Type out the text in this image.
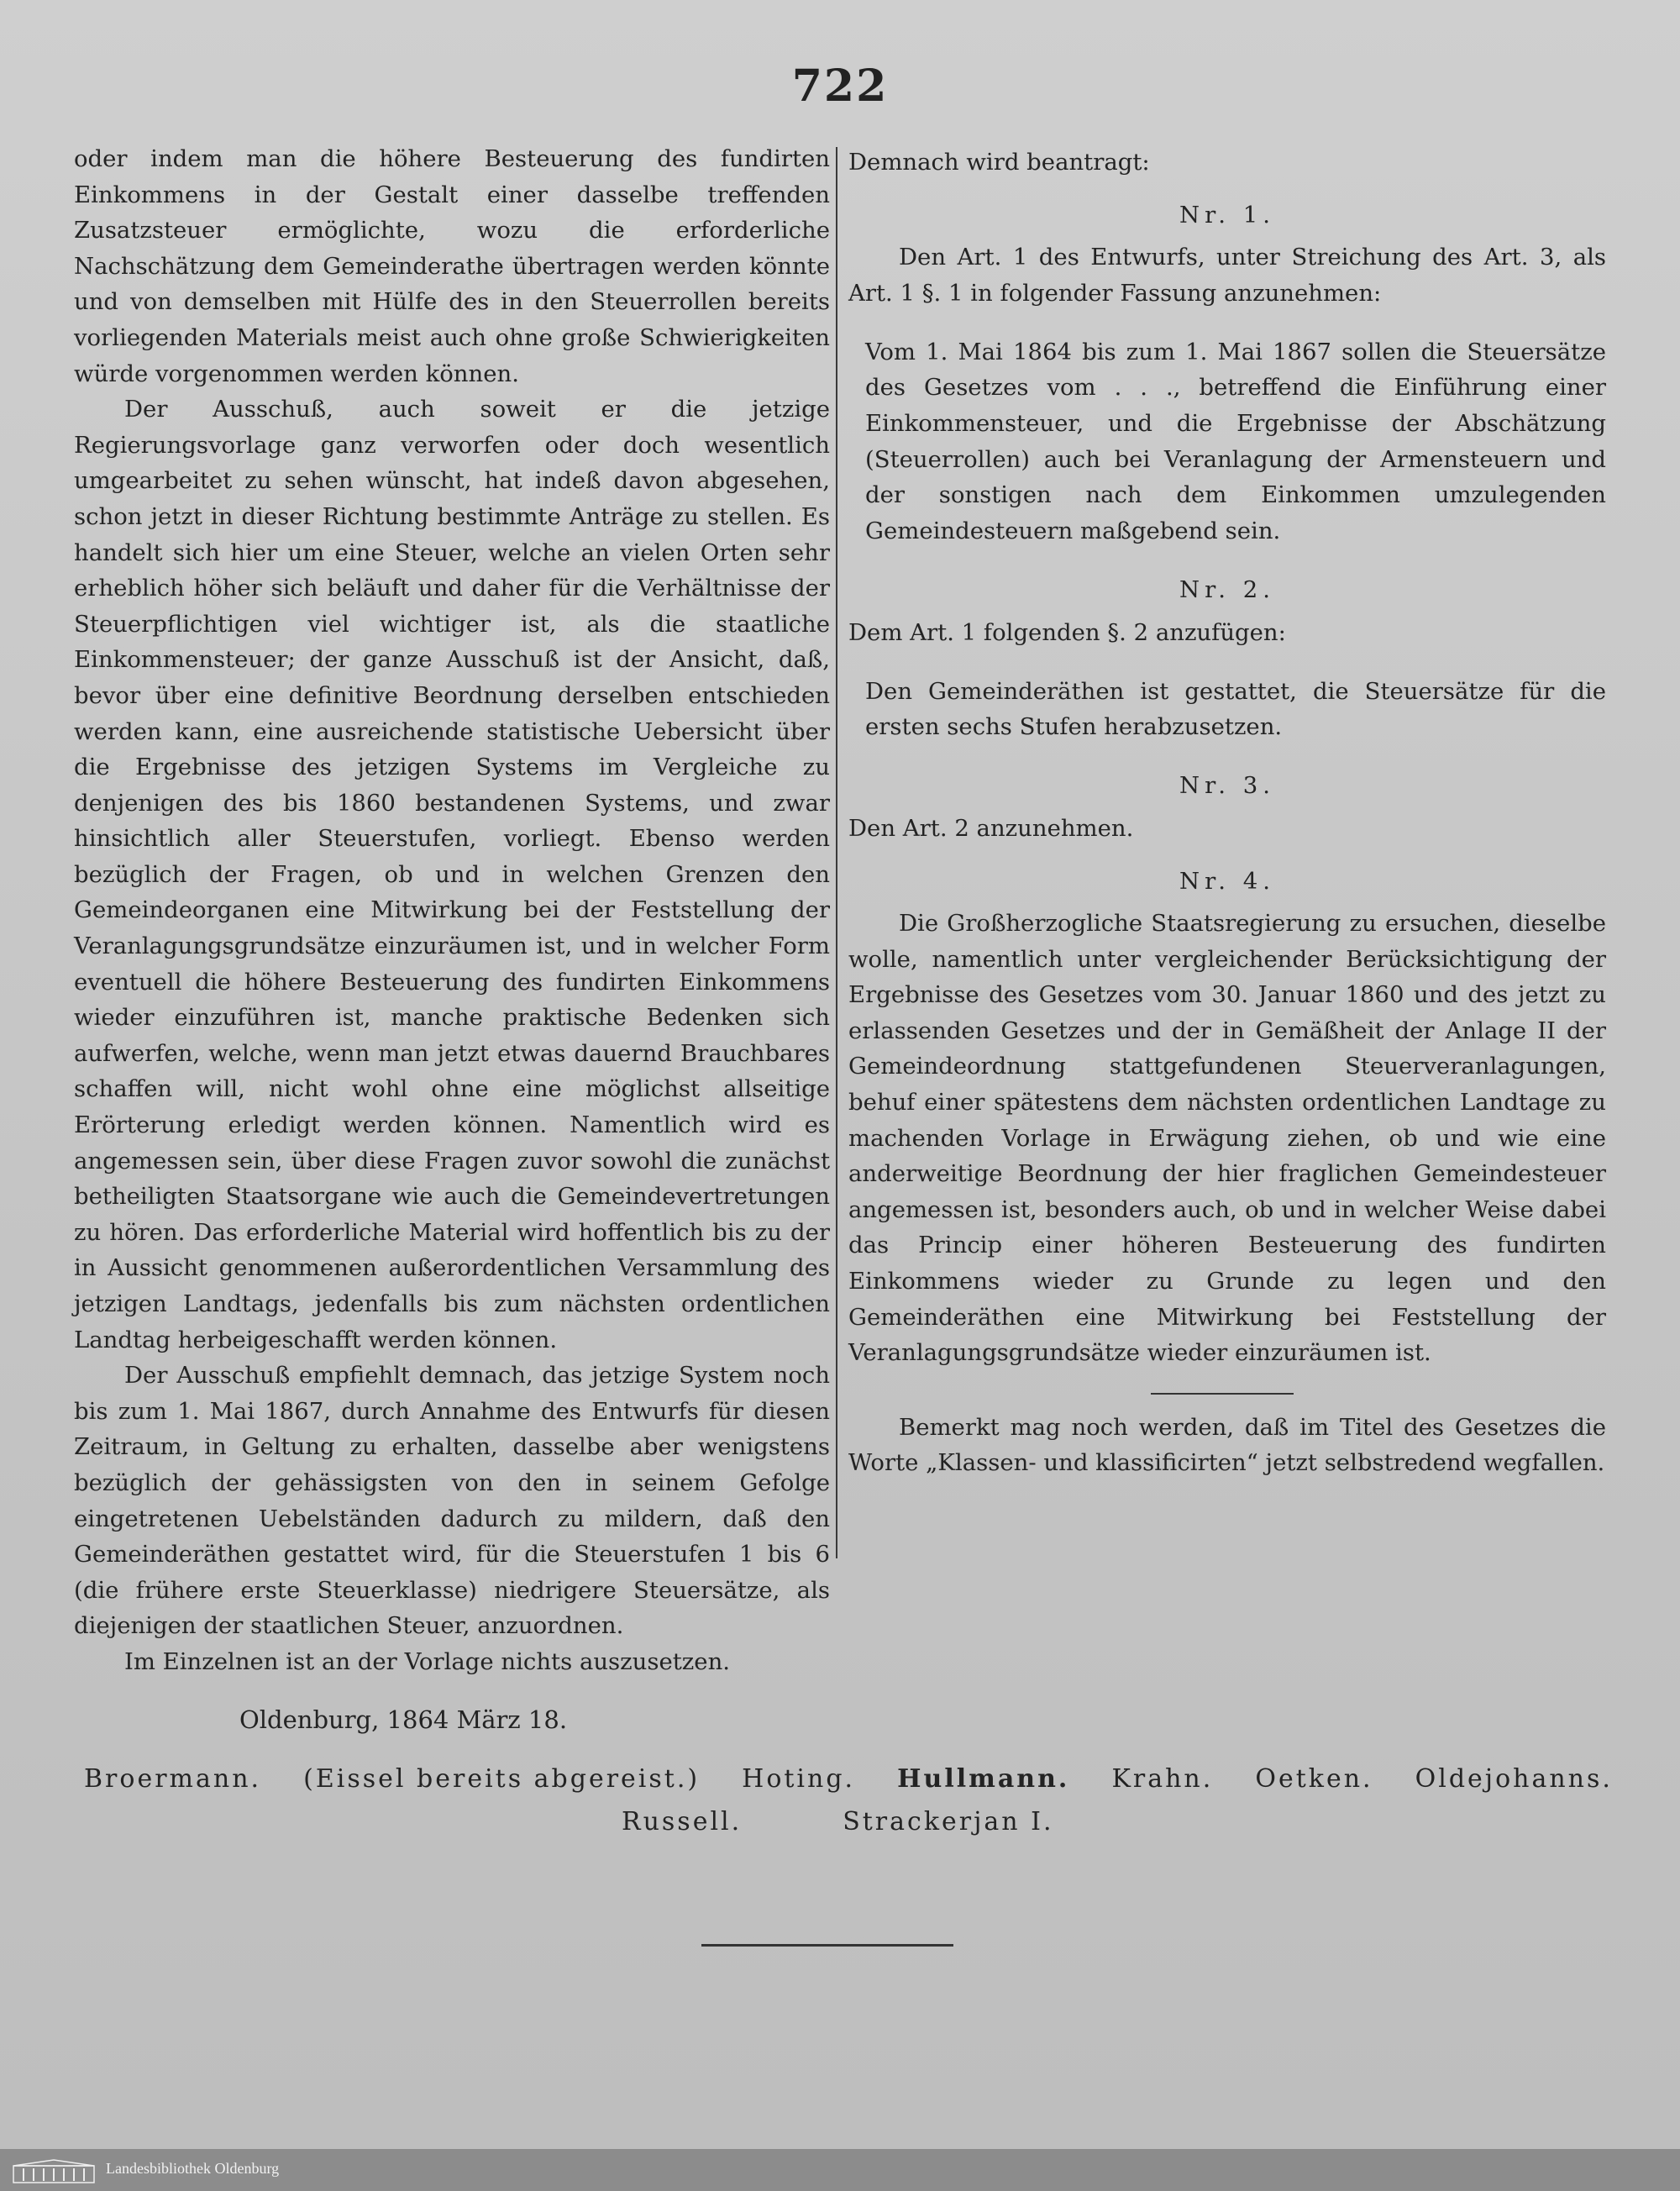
722

oder indem man die höhere Besteuerung des fundirten Einkommens in der Gestalt einer dasselbe treffenden Zusatzsteuer ermöglichte, wozu die erforderliche Nachschätzung dem Gemeinderathe übertragen werden könnte und von demselben mit Hülfe des in den Steuerrollen bereits vorliegenden Materials meist auch ohne große Schwierigkeiten würde vorgenommen werden können.

Der Ausschuß, auch soweit er die jetzige Regierungsvorlage ganz verworfen oder doch wesentlich umgearbeitet zu sehen wünscht, hat indeß davon abgesehen, schon jetzt in dieser Richtung bestimmte Anträge zu stellen. Es handelt sich hier um eine Steuer, welche an vielen Orten sehr erheblich höher sich beläuft und daher für die Verhältnisse der Steuerpflichtigen viel wichtiger ist, als die staatliche Einkommensteuer; der ganze Ausschuß ist der Ansicht, daß, bevor über eine definitive Beordnung derselben entschieden werden kann, eine ausreichende statistische Uebersicht über die Ergebnisse des jetzigen Systems im Vergleiche zu denjenigen des bis 1860 bestandenen Systems, und zwar hinsichtlich aller Steuerstufen, vorliegt. Ebenso werden bezüglich der Fragen, ob und in welchen Grenzen den Gemeindeorganen eine Mitwirkung bei der Feststellung der Veranlagungsgrundsätze einzuräumen ist, und in welcher Form eventuell die höhere Besteuerung des fundirten Einkommens wieder einzuführen ist, manche praktische Bedenken sich aufwerfen, welche, wenn man jetzt etwas dauernd Brauchbares schaffen will, nicht wohl ohne eine möglichst allseitige Erörterung erledigt werden können. Namentlich wird es angemessen sein, über diese Fragen zuvor sowohl die zunächst betheiligten Staatsorgane wie auch die Gemeindevertretungen zu hören. Das erforderliche Material wird hoffentlich bis zu der in Aussicht genommenen außerordentlichen Versammlung des jetzigen Landtags, jedenfalls bis zum nächsten ordentlichen Landtag herbeigeschafft werden können.

Der Ausschuß empfiehlt demnach, das jetzige System noch bis zum 1. Mai 1867, durch Annahme des Entwurfs für diesen Zeitraum, in Geltung zu erhalten, dasselbe aber wenigstens bezüglich der gehässigsten von den in seinem Gefolge eingetretenen Uebelständen dadurch zu mildern, daß den Gemeinderäthen gestattet wird, für die Steuerstufen 1 bis 6 (die frühere erste Steuerklasse) niedrigere Steuersätze, als diejenigen der staatlichen Steuer, anzuordnen.

Im Einzelnen ist an der Vorlage nichts auszusetzen.

Demnach wird beantragt:

Nr. 1.

Den Art. 1 des Entwurfs, unter Streichung des Art. 3, als Art. 1 §. 1 in folgender Fassung anzunehmen:

Vom 1. Mai 1864 bis zum 1. Mai 1867 sollen die Steuersätze des Gesetzes vom . . ., betreffend die Einführung einer Einkommensteuer, und die Ergebnisse der Abschätzung (Steuerrollen) auch bei Veranlagung der Armensteuern und der sonstigen nach dem Einkommen umzulegenden Gemeindesteuern maßgebend sein.

Nr. 2.

Dem Art. 1 folgenden §. 2 anzufügen:

Den Gemeinderäthen ist gestattet, die Steuersätze für die ersten sechs Stufen herabzusetzen.

Nr. 3.

Den Art. 2 anzunehmen.

Nr. 4.

Die Großherzogliche Staatsregierung zu ersuchen, dieselbe wolle, namentlich unter vergleichender Berücksichtigung der Ergebnisse des Gesetzes vom 30. Januar 1860 und des jetzt zu erlassenden Gesetzes und der in Gemäßheit der Anlage II der Gemeindeordnung stattgefundenen Steuerveranlagungen, behuf einer spätestens dem nächsten ordentlichen Landtage zu machenden Vorlage in Erwägung ziehen, ob und wie eine anderweitige Beordnung der hier fraglichen Gemeindesteuer angemessen ist, besonders auch, ob und in welcher Weise dabei das Princip einer höheren Besteuerung des fundirten Einkommens wieder zu Grunde zu legen und den Gemeinderäthen eine Mitwirkung bei Feststellung der Veranlagungsgrundsätze wieder einzuräumen ist.

Bemerkt mag noch werden, daß im Titel des Gesetzes die Worte „Klassen- und klassificirten“ jetzt selbstredend wegfallen.

Oldenburg, 1864 März 18.
Broermann. (Eissel bereits abgereist.) Hoting. Hullmann. Krahn. Oetken. Oldejohanns.
Russell.	Strackerjan I.
Landesbibliothek Oldenburg
